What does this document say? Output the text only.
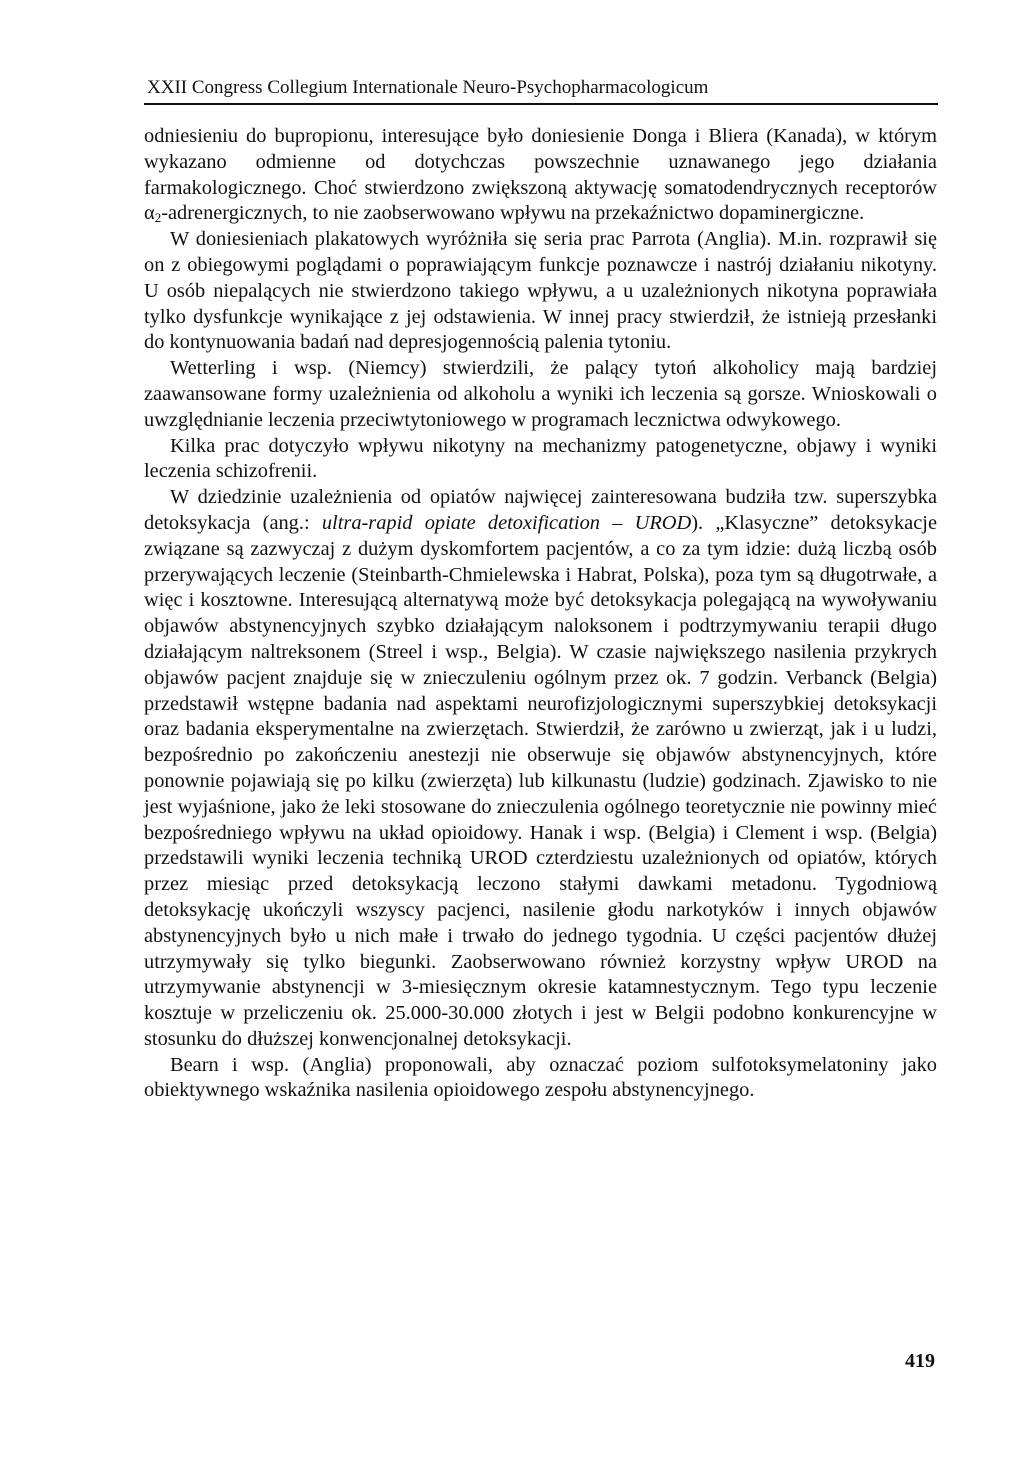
XXII Congress Collegium Internationale Neuro-Psychopharmacologicum

odniesieniu do bupropionu, interesujące było doniesienie Donga i Bliera (Kanada), w którym wykazano odmienne od dotychczas powszechnie uznawanego jego działania farmakologicznego. Choć stwierdzono zwiększoną aktywację somatodendrycznych receptorów $\alpha_2$-adrenergicznych, to nie zaobserwowano wpływu na przekaźnictwo dopaminergiczne.

W doniesieniach plakatowych wyróżniła się seria prac Parrota (Anglia). M.in. rozprawił się on z obiegowymi poglądami o poprawiającym funkcje poznawcze i nastrój działaniu nikotyny. U osób niepalących nie stwierdzono takiego wpływu, a u uzależnionych nikotyna poprawiała tylko dysfunkcje wynikające z jej odstawienia. W innej pracy stwierdził, że istnieją przesłanki do kontynuowania badań nad depresjogennością palenia tytoniu.

Wetterling i wsp. (Niemcy) stwierdzili, że palący tytoń alkoholicy mają bardziej zaawansowane formy uzależnienia od alkoholu a wyniki ich leczenia są gorsze. Wnioskowali o uwzględnianie leczenia przeciwtytoniowego w programach lecznictwa odwykowego.

Kilka prac dotyczyło wpływu nikotyny na mechanizmy patogenetyczne, objawy i wyniki leczenia schizofrenii.

W dziedzinie uzależnienia od opiatów najwięcej zainteresowana budziła tzw. superszybka detoksykacja (ang.: ultra-rapid opiate detoxification – UROD). „Klasyczne” detoksykacje związane są zazwyczaj z dużym dyskomfortem pacjentów, a co za tym idzie: dużą liczbą osób przerywających leczenie (Steinbarth-Chmielewska i Habrat, Polska), poza tym są długotrwałe, a więc i kosztowne. Interesującą alternatywą może być detoksykacja polegającą na wywoływaniu objawów abstynencyjnych szybko działającym naloksonem i podtrzymywaniu terapii długo działającym naltreksonem (Streel i wsp., Belgia). W czasie największego nasilenia przykrych objawów pacjent znajduje się w znieczuleniu ogólnym przez ok. 7 godzin. Verbanck (Belgia) przedstawił wstępne badania nad aspektami neurofizjologicznymi superszybkiej detoksykacji oraz badania eksperymentalne na zwierzętach. Stwierdził, że zarówno u zwierząt, jak i u ludzi, bezpośrednio po zakończeniu anestezji nie obserwuje się objawów abstynencyjnych, które ponownie pojawiają się po kilku (zwierzęta) lub kilkunastu (ludzie) godzinach. Zjawisko to nie jest wyjaśnione, jako że leki stosowane do znieczulenia ogólnego teoretycznie nie powinny mieć bezpośredniego wpływu na układ opioidowy. Hanak i wsp. (Belgia) i Clement i wsp. (Belgia) przedstawili wyniki leczenia techniką UROD czterdziestu uzależnionych od opiatów, których przez miesiąc przed detoksykacją leczono stałymi dawkami metadonu. Tygodniową detoksykację ukończyli wszyscy pacjenci, nasilenie głodu narkotyków i innych objawów abstynencyjnych było u nich małe i trwało do jednego tygodnia. U części pacjentów dłużej utrzymywały się tylko biegunki. Zaobserwowano również korzystny wpływ UROD na utrzymywanie abstynencji w 3-miesięcznym okresie katamnestycznym. Tego typu leczenie kosztuje w przeliczeniu ok. 25.000-30.000 złotych i jest w Belgii podobno konkurencyjne w stosunku do dłuższej konwencjonalnej detoksykacji.

Bearn i wsp. (Anglia) proponowali, aby oznaczać poziom sulfotoksymelatoniny jako obiektywnego wskaźnika nasilenia opioidowego zespołu abstynencyjnego.

419
